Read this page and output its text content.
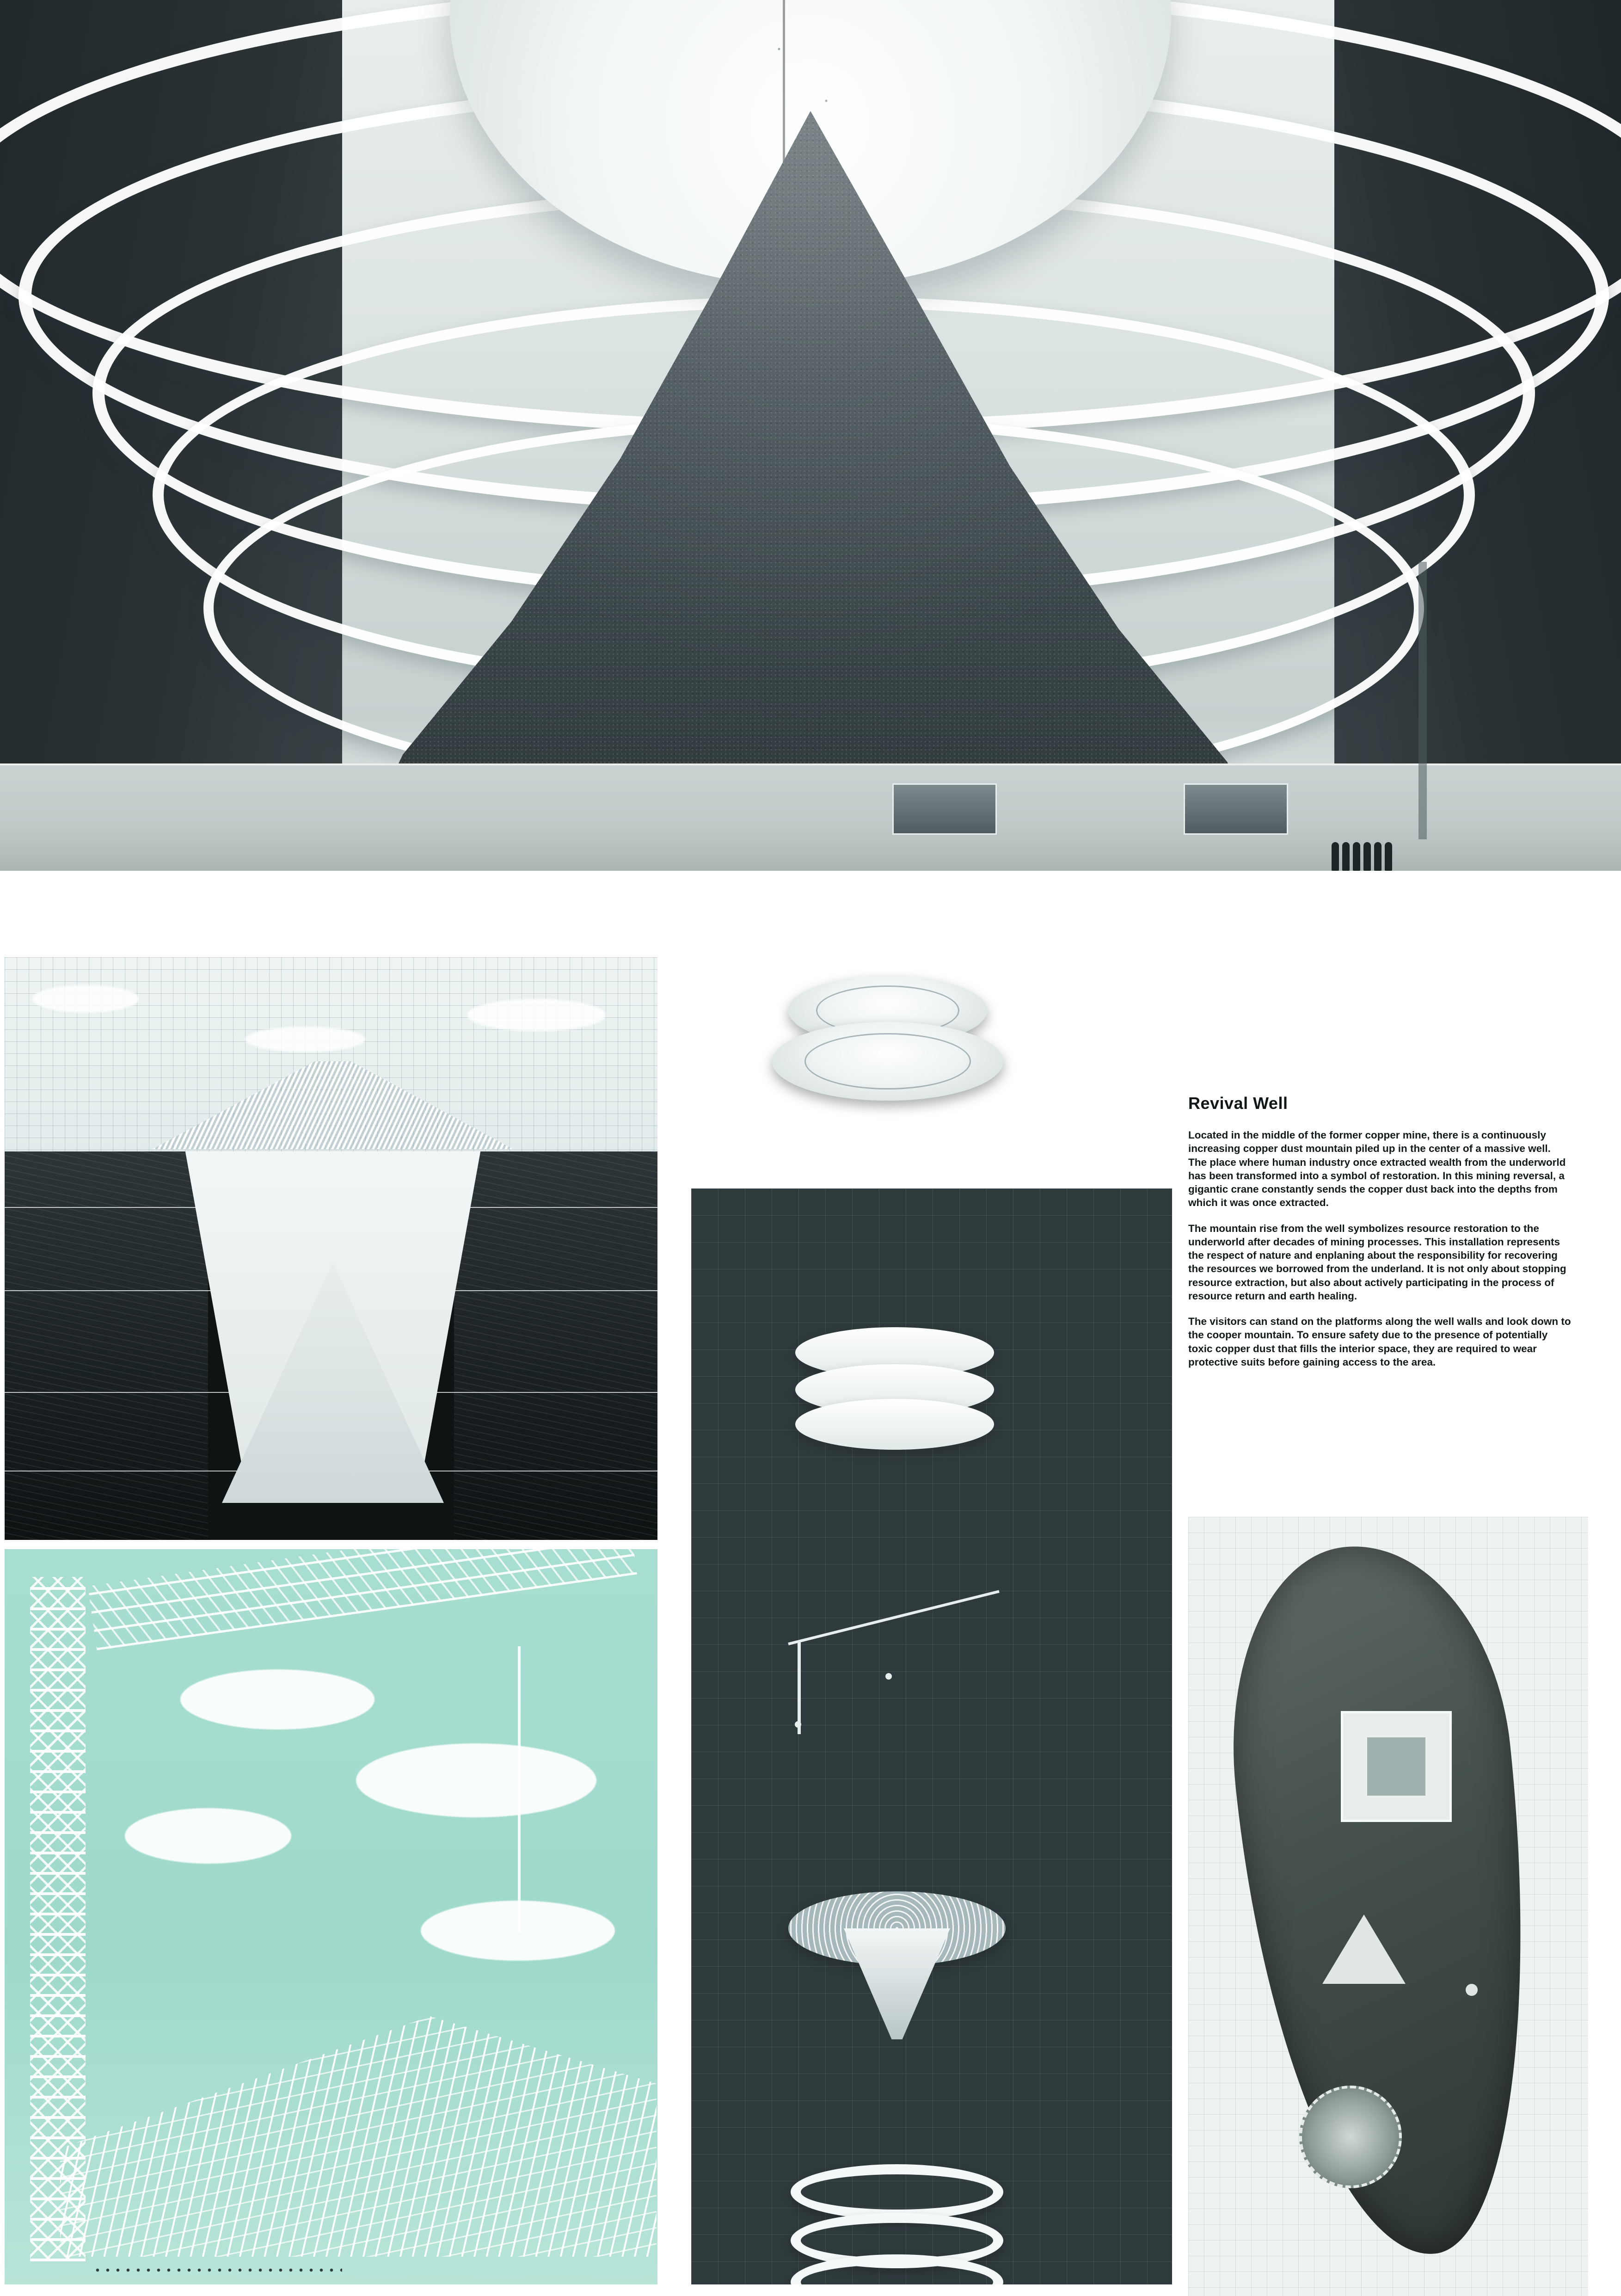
Revival Well

Located in the middle of the former copper mine, there is a continuously increasing copper dust mountain piled up in the center of a massive well. The place where human industry once extracted wealth from the underworld has been transformed into a symbol of restoration. In this mining reversal, a gigantic crane constantly sends the copper dust back into the depths from which it was once extracted.

The mountain rise from the well symbolizes resource restoration to the underworld after decades of mining processes. This installation represents the respect of nature and enplaning about the responsibility for recovering the resources we borrowed from the underland. It is not only about stopping resource extraction, but also about actively participating in the process of resource return and earth healing.

The visitors can stand on the platforms along the well walls and look down to the cooper mountain. To ensure safety due to the presence of potentially toxic copper dust that fills the interior space, they are required to wear protective suits before gaining access to the area.
